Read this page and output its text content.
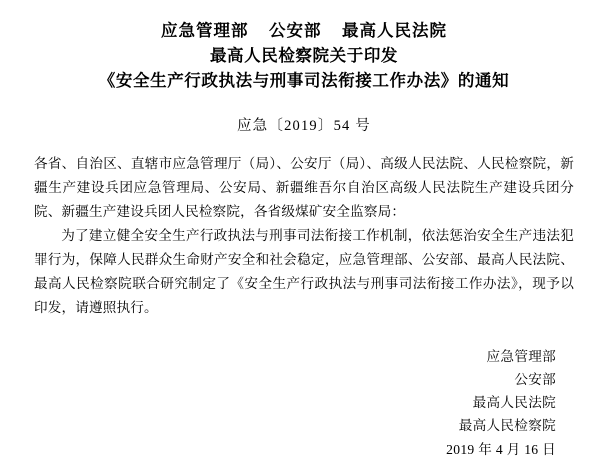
应急管理部    公安部    最高人民法院
最高人民检察院关于印发
《安全生产行政执法与刑事司法衔接工作办法》的通知
应急〔2019〕54 号

各省、自治区、直辖市应急管理厅（局）、公安厅（局）、高级人民法院、人民检察院，新疆生产建设兵团应急管理局、公安局、新疆维吾尔自治区高级人民法院生产建设兵团分院、新疆生产建设兵团人民检察院，各省级煤矿安全监察局：

为了建立健全安全生产行政执法与刑事司法衔接工作机制，依法惩治安全生产违法犯罪行为，保障人民群众生命财产安全和社会稳定，应急管理部、公安部、最高人民法院、最高人民检察院联合研究制定了《安全生产行政执法与刑事司法衔接工作办法》，现予以印发，请遵照执行。

应急管理部
公安部
最高人民法院
最高人民检察院
2019 年 4 月 16 日
